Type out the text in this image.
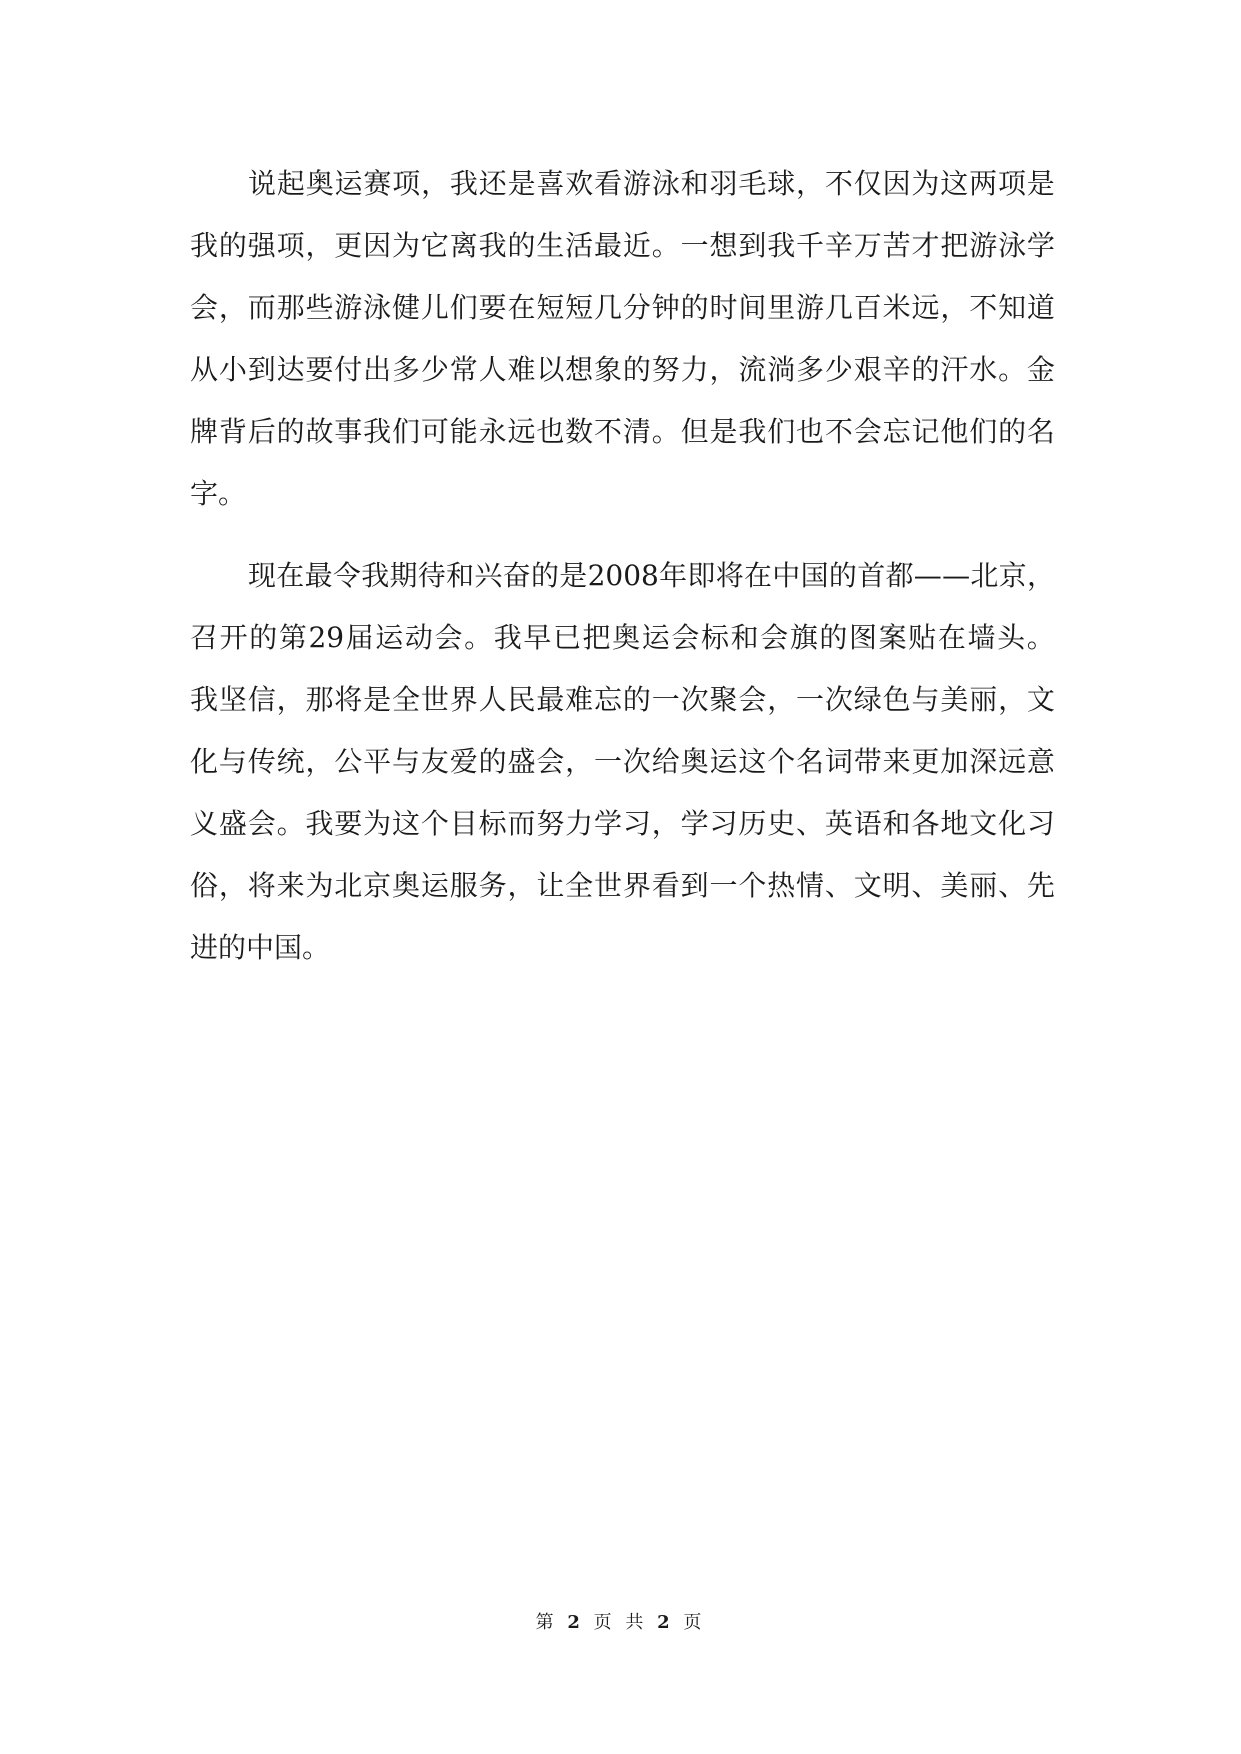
说 起 奥 运 赛 项 ， 我 还 是 喜 欢 看 游 泳 和 羽 毛 球 ， 不 仅 因 为 这 两 项 是
我 的 强 项 ， 更 因 为 它 离 我 的 生 活 最 近 。 一 想 到 我 千 辛 万 苦 才 把 游 泳 学
会 ， 而 那 些 游 泳 健 儿 们 要 在 短 短 几 分 钟 的 时 间 里 游 几 百 米 远 ， 不 知 道
从 小 到 达 要 付 出 多 少 常 人 难 以 想 象 的 努 力 ， 流 淌 多 少 艰 辛 的 汗 水 。 金
牌 背 后 的 故 事 我 们 可 能 永 远 也 数 不 清 。 但 是 我 们 也 不 会 忘 记 他 们 的 名
字。
现 在 最 令 我 期 待 和 兴 奋 的 是 2008 年 即 将 在 中 国 的 首 都 — — 北 京 ，
召 开 的 第 29 届 运 动 会 。 我 早 已 把 奥 运 会 标 和 会 旗 的 图 案 贴 在 墙 头 。
我 坚 信 ， 那 将 是 全 世 界 人 民 最 难 忘 的 一 次 聚 会 ， 一 次 绿 色 与 美 丽 ， 文
化 与 传 统 ， 公 平 与 友 爱 的 盛 会 ， 一 次 给 奥 运 这 个 名 词 带 来 更 加 深 远 意
义 盛 会 。 我 要 为 这 个 目 标 而 努 力 学 习 ， 学 习 历 史 、 英 语 和 各 地 文 化 习
俗 ， 将 来 为 北 京 奥 运 服 务 ， 让 全 世 界 看 到 一 个 热 情 、 文 明 、 美 丽 、 先
进的中国。
第 2 页 共 2 页
